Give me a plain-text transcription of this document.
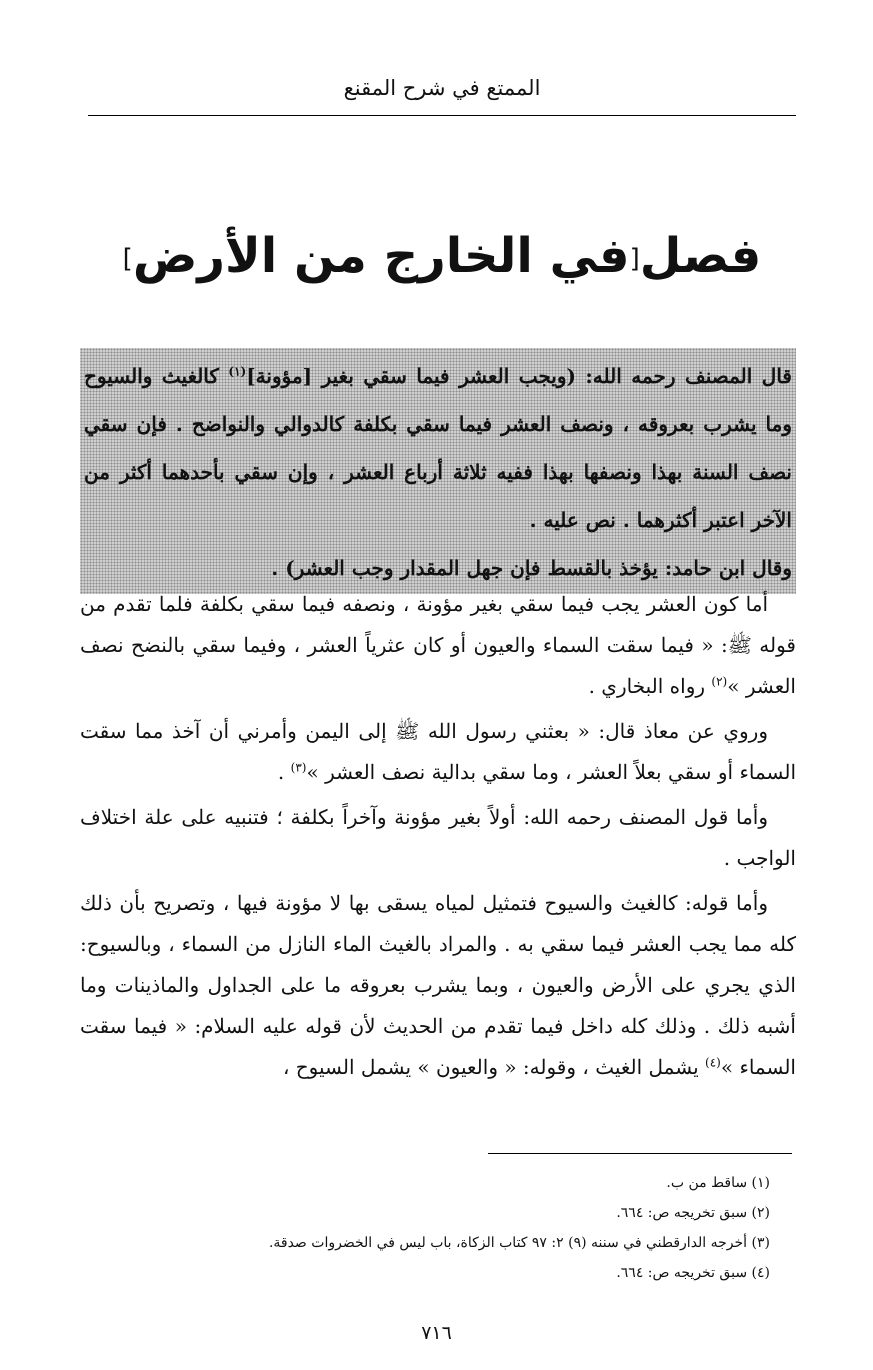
الممتع في شرح المقنع
فصل[في الخارج من الأرض]

قال المصنف رحمه الله: (ويجب العشر فيما سقي بغير [مؤونة]$^{(١)}$ كالغيث والسيوح وما يشرب بعروقه ، ونصف العشر فيما سقي بكلفة كالدوالي والنواضح . فإن سقي نصف السنة بهذا ونصفها بهذا ففيه ثلاثة أرباع العشر ، وإن سقي بأحدهما أكثر من الآخر اعتبر أكثرهما . نص عليه .

وقال ابن حامد: يؤخذ بالقسط فإن جهل المقدار وجب العشر) .

أما كون العشر يجب فيما سقي بغير مؤونة ، ونصفه فيما سقي بكلفة فلما تقدم من قوله ﷺ: « فيما سقت السماء والعيون أو كان عثرياً العشر ، وفيما سقي بالنضح نصف العشر »$^{(٢)}$ رواه البخاري .

وروي عن معاذ قال: « بعثني رسول الله ﷺ إلى اليمن وأمرني أن آخذ مما سقت السماء أو سقي بعلاً العشر ، وما سقي بدالية نصف العشر »$^{(٣)}$ .

وأما قول المصنف رحمه الله: أولاً بغير مؤونة وآخراً بكلفة ؛ فتنبيه على علة اختلاف الواجب .

وأما قوله: كالغيث والسيوح فتمثيل لمياه يسقى بها لا مؤونة فيها ، وتصريح بأن ذلك كله مما يجب العشر فيما سقي به . والمراد بالغيث الماء النازل من السماء ، وبالسيوح: الذي يجري على الأرض والعيون ، وبما يشرب بعروقه ما على الجداول والماذينات وما أشبه ذلك . وذلك كله داخل فيما تقدم من الحديث لأن قوله عليه السلام: « فيما سقت السماء »$^{(٤)}$ يشمل الغيث ، وقوله: « والعيون » يشمل السيوح ،

(١) ساقط من ب.

(٢) سبق تخريجه ص: ٦٦٤.

(٣) أخرجه الدارقطني في سننه (٩) ٢: ٩٧ كتاب الزكاة، باب ليس في الخضروات صدقة.

(٤) سبق تخريجه ص: ٦٦٤.

٧١٦
